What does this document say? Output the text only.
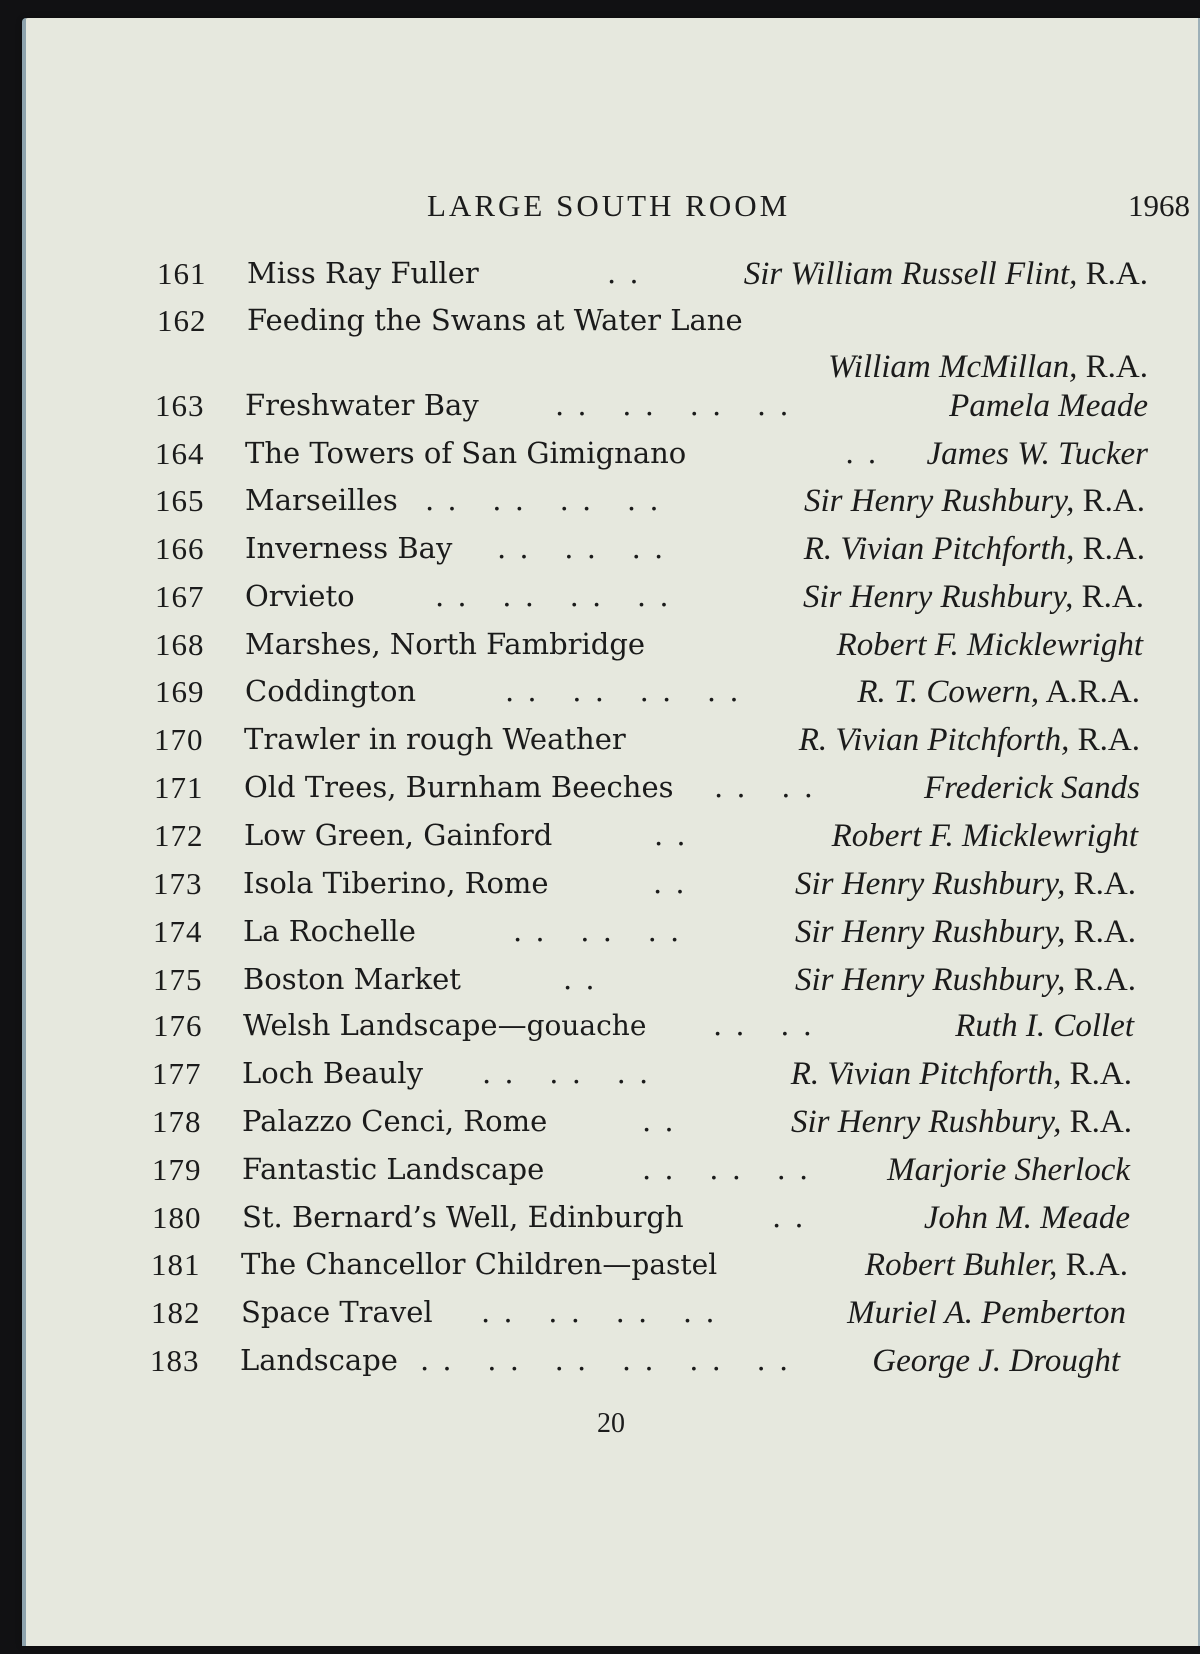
LARGE SOUTH ROOM	1968
161	Miss Ray Fuller	. .	Sir William Russell Flint, R.A.
162	Feeding the Swans at Water Lane
William McMillan, R.A.
163	Freshwater Bay	. .   . .   . .   . .	Pamela Meade
164	The Towers of San Gimignano	. . James W. Tucker
165	Marseilles . .   . .   . .   . .	Sir Henry Rushbury, R.A.
166	Inverness Bay . .   . .   . .	R. Vivian Pitchforth, R.A.
167	Orvieto	. .   . .   . .   . .	Sir Henry Rushbury, R.A.
168	Marshes, North Fambridge	Robert F. Micklewright
169	Coddington	. .   . .   . .   . .	R. T. Cowern, A.R.A.
170	Trawler in rough Weather	R. Vivian Pitchforth, R.A.
171	Old Trees, Burnham Beeches . .   . .	Frederick Sands
172	Low Green, Gainford	. .	Robert F. Micklewright
173	Isola Tiberino, Rome	. .	Sir Henry Rushbury, R.A.
174	La Rochelle	. .   . .   . .	Sir Henry Rushbury, R.A.
175	Boston Market	. .	Sir Henry Rushbury, R.A.
176	Welsh Landscape—gouache . .   . .	Ruth I. Collet
177	Loch Beauly . .   . .   . .	R. Vivian Pitchforth, R.A.
178	Palazzo Cenci, Rome	. .	Sir Henry Rushbury, R.A.
179	Fantastic Landscape	. .   . .   . . Marjorie Sherlock
180	St. Bernard’s Well, Edinburgh	. .	John M. Meade
181	The Chancellor Children—pastel	Robert Buhler, R.A.
182	Space Travel . .   . .   . .   . .	Muriel A. Pemberton
183	Landscape . .   . .   . .   . .   . .   . . George J. Drought
20
